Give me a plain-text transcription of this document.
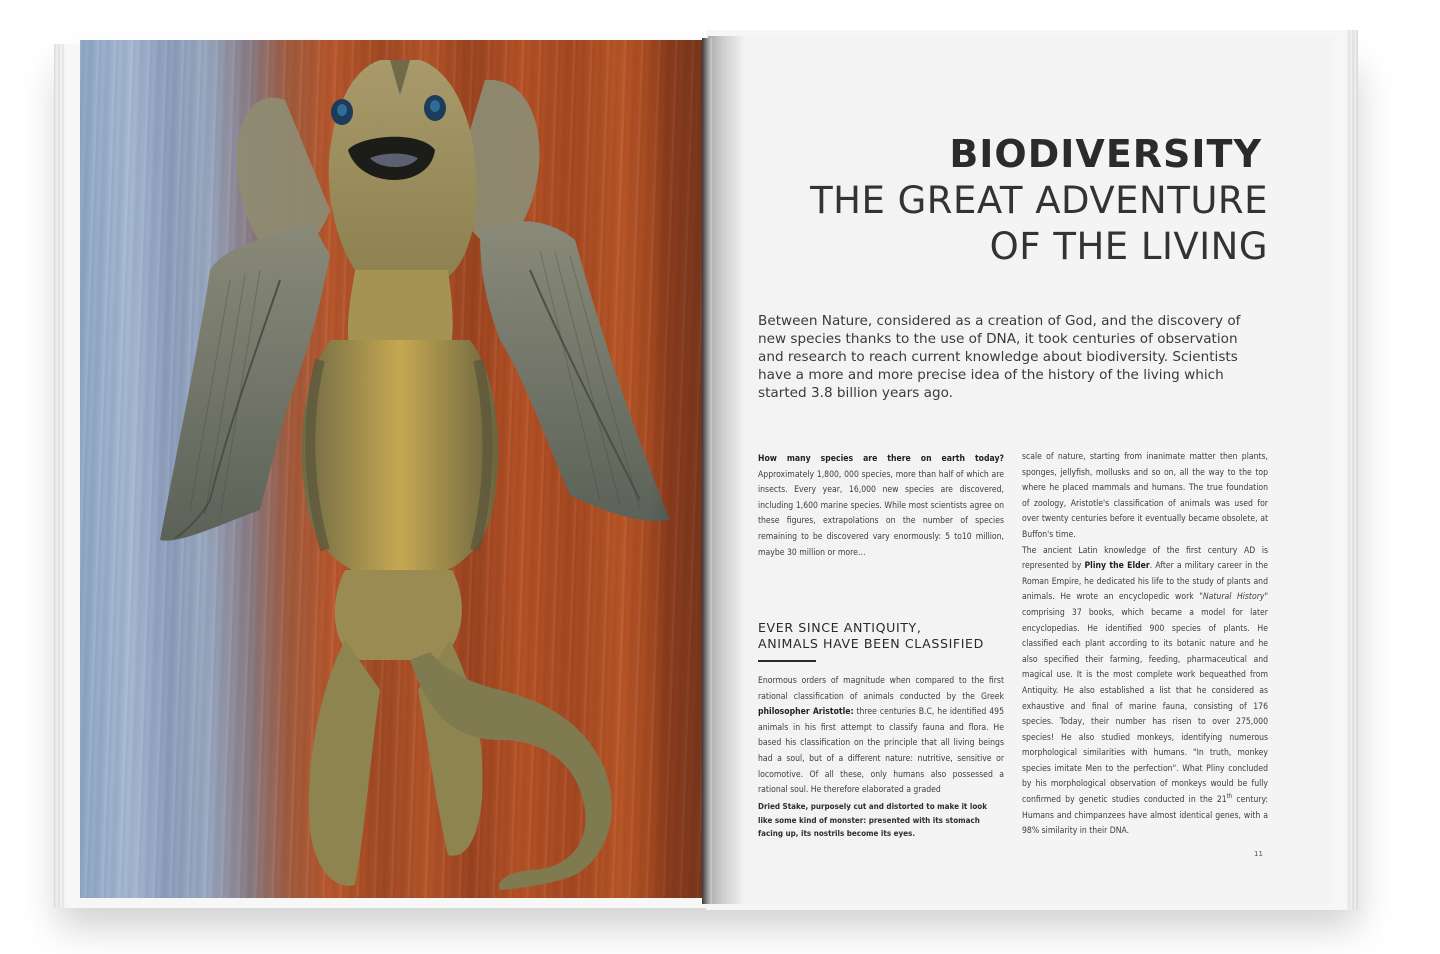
BIODIVERSITY
THE GREAT ADVENTURE
OF THE LIVING

Between Nature, considered as a creation of God, and the discovery of new species thanks to the use of DNA, it took centuries of observation and research to reach current knowledge about biodiversity. Scientists have a more and more precise idea of the history of the living which started 3.8 billion years ago.

How many species are there on earth today? Approximately 1,800, 000 species, more than half of which are insects. Every year, 16,000 new species are discovered, including 1,600 marine species. While most scientists agree on these figures, extrapolations on the number of species remaining to be discovered vary enormously: 5 to10 million, maybe 30 million or more…

EVER SINCE ANTIQUITY,
ANIMALS HAVE BEEN CLASSIFIED

Enormous orders of magnitude when compared to the first rational classification of animals conducted by the Greek philosopher Aristotle: three centuries B.C, he identified 495 animals in his first attempt to classify fauna and flora. He based his classification on the principle that all living beings had a soul, but of a different nature: nutritive, sensitive or locomotive. Of all these, only humans also possessed a rational soul. He therefore elaborated a graded

Dried Stake, purposely cut and distorted to make it look like some kind of monster: presented with its stomach facing up, its nostrils become its eyes.

scale of nature, starting from inanimate matter then plants, sponges, jellyfish, mollusks and so on, all the way to the top where he placed mammals and humans. The true foundation of zoology, Aristotle's classification of animals was used for over twenty centuries before it eventually became obsolete, at Buffon's time.

The ancient Latin knowledge of the first century AD is represented by Pliny the Elder. After a military career in the Roman Empire, he dedicated his life to the study of plants and animals. He wrote an encyclopedic work "Natural History" comprising 37 books, which became a model for later encyclopedias. He identified 900 species of plants. He classified each plant according to its botanic nature and he also specified their farming, feeding, pharmaceutical and magical use. It is the most complete work bequeathed from Antiquity. He also established a list that he considered as exhaustive and final of marine fauna, consisting of 176 species. Today, their number has risen to over 275,000 species! He also studied monkeys, identifying numerous morphological similarities with humans. "In truth, monkey species imitate Men to the perfection". What Pliny concluded by his morphological observation of monkeys would be fully confirmed by genetic studies conducted in the 21th century: Humans and chimpanzees have almost identical genes, with a 98% similarity in their DNA.

11
